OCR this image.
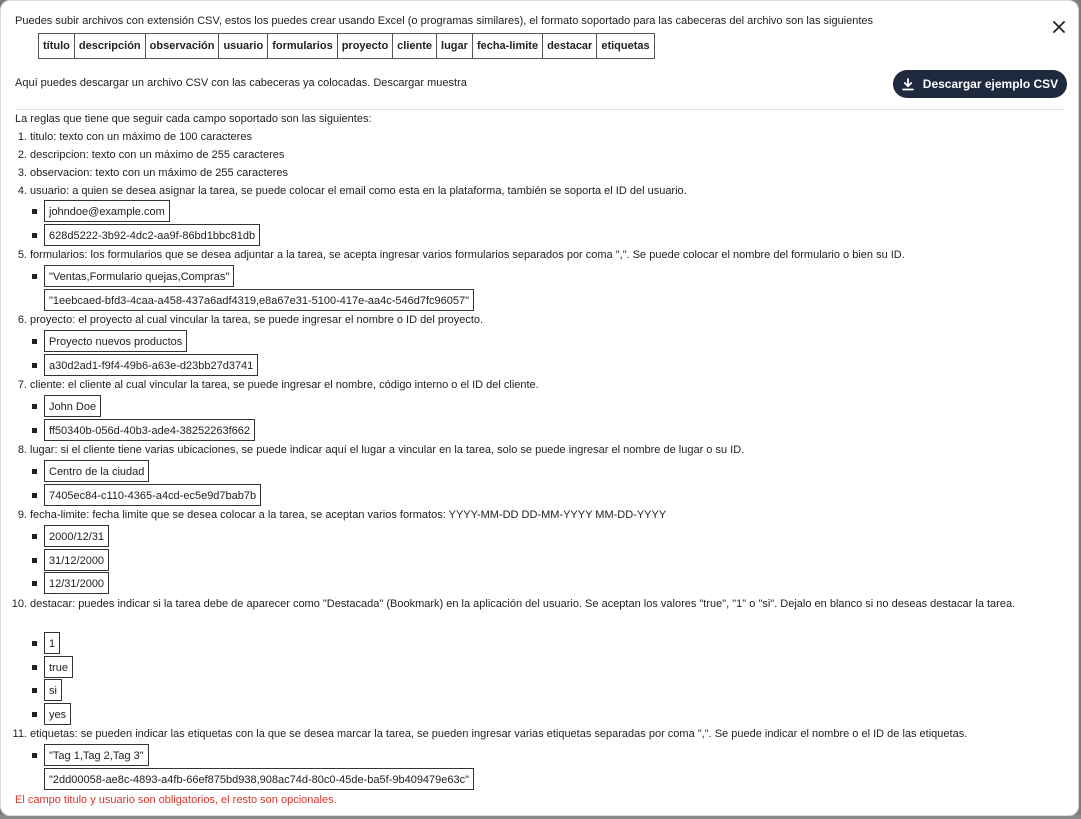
Puedes subir archivos con extensión CSV, estos los puedes crear usando Excel (o programas similares), el formato soportado para las cabeceras del archivo son las siguientes
título descripción observación usuario formularios proyecto cliente lugar fecha-limite destacar etiquetas
Aquí puedes descargar un archivo CSV con las cabeceras ya colocadas. Descargar muestra	Descargar ejemplo CSV
La reglas que tiene que seguir cada campo soportado son las siguientes:
1. titulo: texto con un máximo de 100 caracteres
2. descripcion: texto con un máximo de 255 caracteres
3. observacion: texto con un máximo de 255 caracteres
4. usuario: a quien se desea asignar la tarea, se puede colocar el email como esta en la plataforma, también se soporta el ID del usuario.
johndoe@example.com
628d5222-3b92-4dc2-aa9f-86bd1bbc81db
5. formularios: los formularios que se desea adjuntar a la tarea, se acepta ingresar varios formularios separados por coma ",". Se puede colocar el nombre del formulario o bien su ID.
"Ventas,Formulario quejas,Compras"
"1eebcaed-bfd3-4caa-a458-437a6adf4319,e8a67e31-5100-417e-aa4c-546d7fc96057"
6. proyecto: el proyecto al cual vincular la tarea, se puede ingresar el nombre o ID del proyecto.
Proyecto nuevos productos
a30d2ad1-f9f4-49b6-a63e-d23bb27d3741
7. cliente: el cliente al cual vincular la tarea, se puede ingresar el nombre, código interno o el ID del cliente.
John Doe
ff50340b-056d-40b3-ade4-38252263f662
8. lugar: si el cliente tiene varias ubicaciones, se puede indicar aquí el lugar a vincular en la tarea, solo se puede ingresar el nombre de lugar o su ID.
Centro de la ciudad
7405ec84-c110-4365-a4cd-ec5e9d7bab7b
9. fecha-limite: fecha limite que se desea colocar a la tarea, se aceptan varios formatos: YYYY-MM-DD DD-MM-YYYY MM-DD-YYYY
2000/12/31
31/12/2000
12/31/2000
10. destacar: puedes indicar si la tarea debe de aparecer como "Destacada" (Bookmark) en la aplicación del usuario. Se aceptan los valores "true", "1" o "si". Dejalo en blanco si no deseas destacar la tarea.
1
true
si
yes
11. etiquetas: se pueden indicar las etiquetas con la que se desea marcar la tarea, se pueden ingresar varias etiquetas separadas por coma ",". Se puede indicar el nombre o el ID de las etiquetas.
"Tag 1,Tag 2,Tag 3"
"2dd00058-ae8c-4893-a4fb-66ef875bd938,908ac74d-80c0-45de-ba5f-9b409479e63c"
El campo titulo y usuario son obligatorios, el resto son opcionales.
